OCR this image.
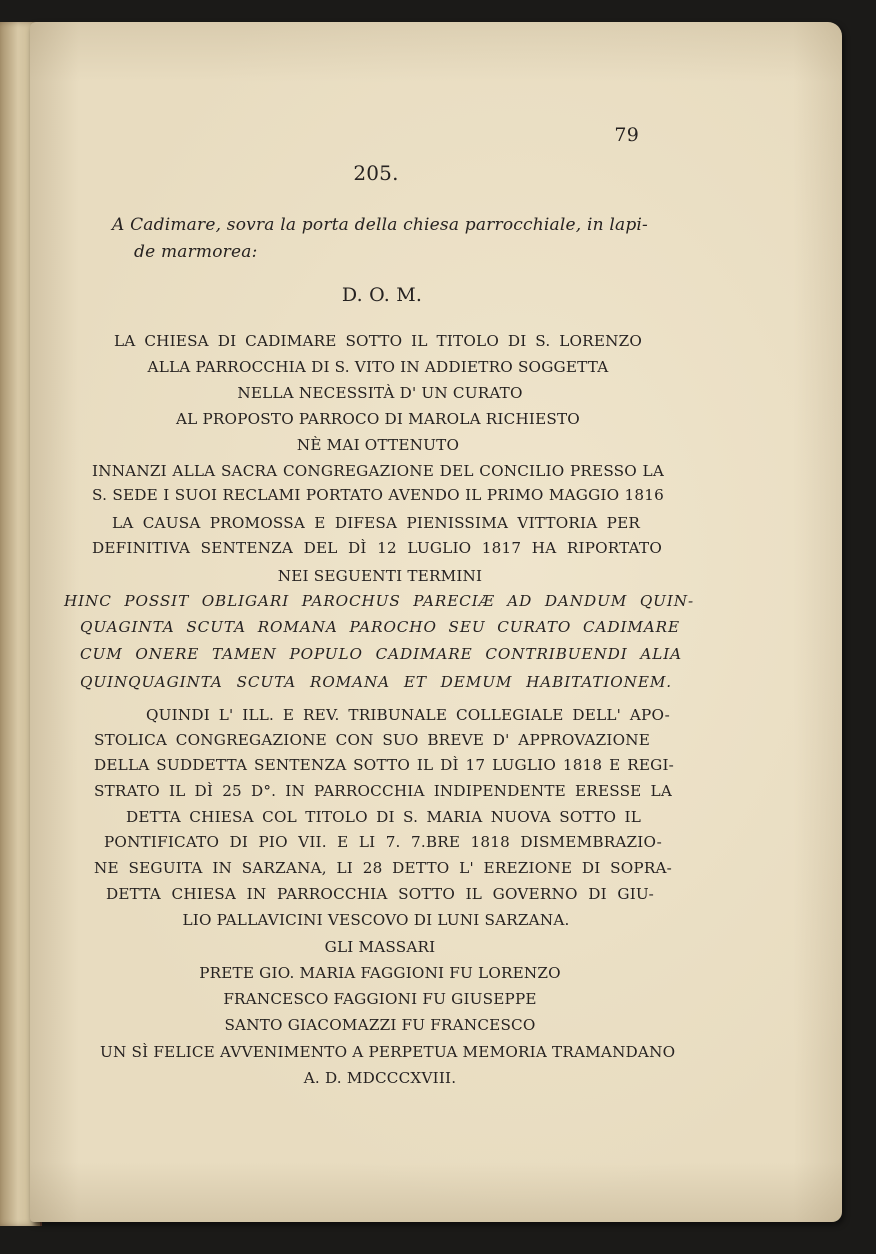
79
205.
A Cadimare, sovra la porta della chiesa parrocchiale, in lapi-
de marmorea:
D. O. M.
LA CHIESA DI CADIMARE SOTTO IL TITOLO DI S. LORENZO
ALLA PARROCCHIA DI S. VITO IN ADDIETRO SOGGETTA
NELLA NECESSITÀ D' UN CURATO
AL PROPOSTO PARROCO DI MAROLA RICHIESTO
NÈ MAI OTTENUTO
INNANZI ALLA SACRA CONGREGAZIONE DEL CONCILIO PRESSO LA
S. SEDE I SUOI RECLAMI PORTATO AVENDO IL PRIMO MAGGIO 1816
LA CAUSA PROMOSSA E DIFESA PIENISSIMA VITTORIA PER
DEFINITIVA SENTENZA DEL DÌ 12 LUGLIO 1817 HA RIPORTATO
NEI SEGUENTI TERMINI
HINC POSSIT OBLIGARI PAROCHUS PARECIÆ AD DANDUM QUIN-
QUAGINTA SCUTA ROMANA PAROCHO SEU CURATO CADIMARE
CUM ONERE TAMEN POPULO CADIMARE CONTRIBUENDI ALIA
QUINQUAGINTA SCUTA ROMANA ET DEMUM HABITATIONEM.
QUINDI L' ILL. E REV. TRIBUNALE COLLEGIALE DELL' APO-
STOLICA CONGREGAZIONE CON SUO BREVE D' APPROVAZIONE
DELLA SUDDETTA SENTENZA SOTTO IL DÌ 17 LUGLIO 1818 E REGI-
STRATO IL DÌ 25 D°. IN PARROCCHIA INDIPENDENTE ERESSE LA
DETTA CHIESA COL TITOLO DI S. MARIA NUOVA SOTTO IL
PONTIFICATO DI PIO VII. E LI 7. 7.BRE 1818 DISMEMBRAZIO-
NE SEGUITA IN SARZANA, LI 28 DETTO L' EREZIONE DI SOPRA-
DETTA CHIESA IN PARROCCHIA SOTTO IL GOVERNO DI GIU-
LIO PALLAVICINI VESCOVO DI LUNI SARZANA.
GLI MASSARI
PRETE GIO. MARIA FAGGIONI FU LORENZO
FRANCESCO FAGGIONI FU GIUSEPPE
SANTO GIACOMAZZI FU FRANCESCO
UN SÌ FELICE AVVENIMENTO A PERPETUA MEMORIA TRAMANDANO
A. D. MDCCCXVIII.
